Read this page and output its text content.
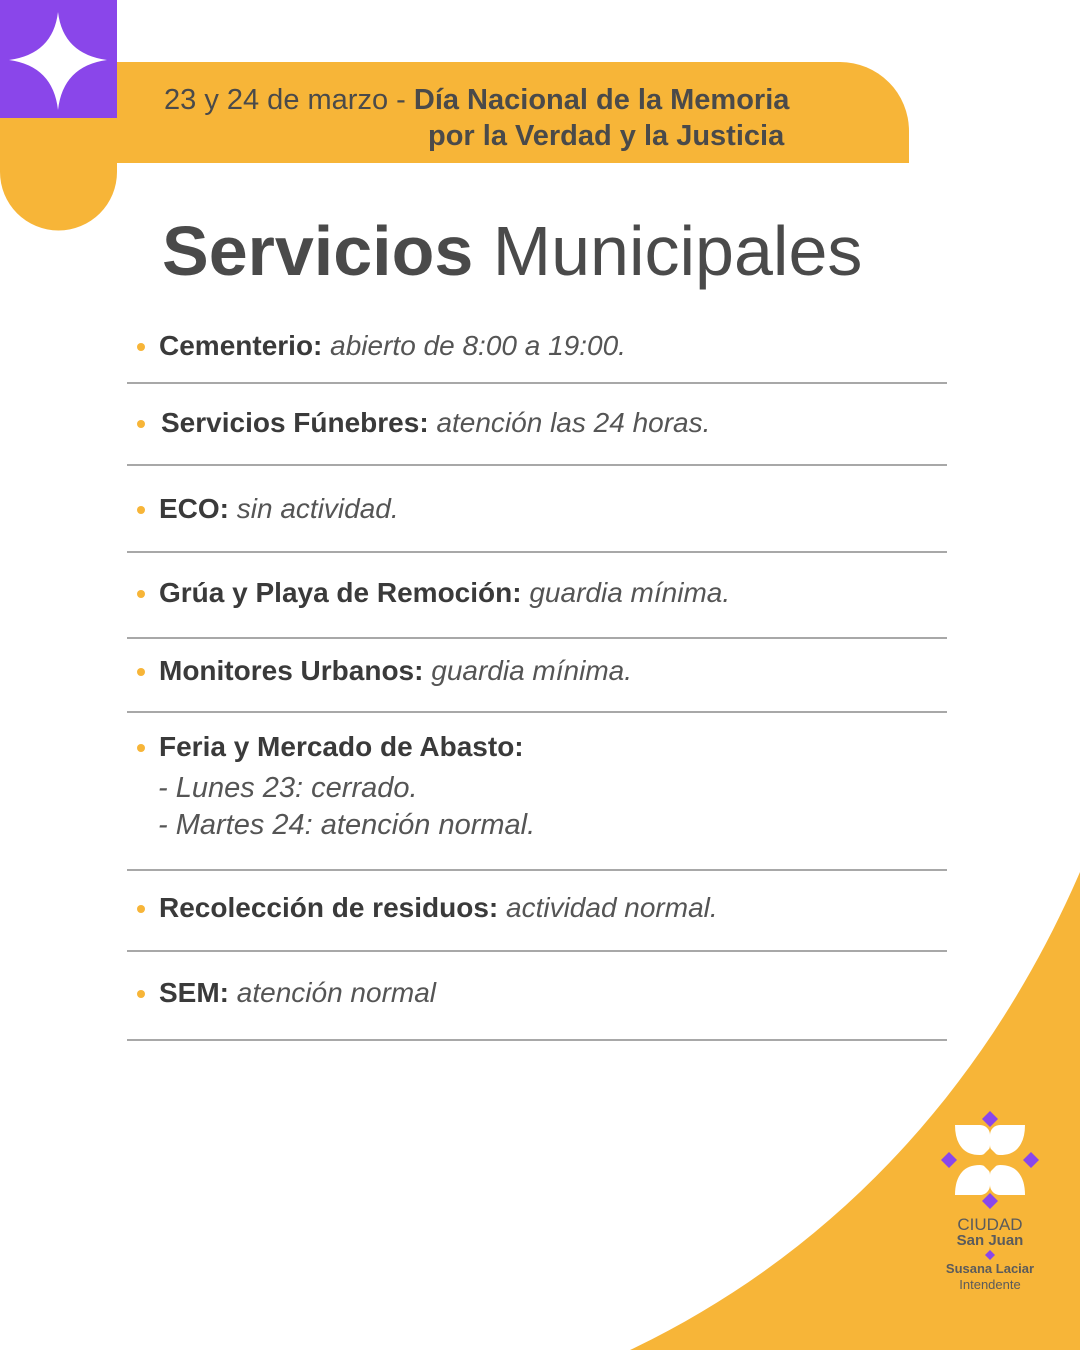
23 y 24 de marzo - Día Nacional de la Memoria
por la Verdad y la Justicia
Servicios Municipales
Cementerio: abierto de 8:00 a 19:00.
Servicios Fúnebres: atención las 24 horas.
ECO: sin actividad.
Grúa y Playa de Remoción: guardia mínima.
Monitores Urbanos: guardia mínima.
Feria y Mercado de Abasto:
- Lunes 23: cerrado.
- Martes 24: atención normal.
Recolección de residuos: actividad normal.
SEM: atención normal
CIUDAD
San Juan
Susana Laciar
Intendente
